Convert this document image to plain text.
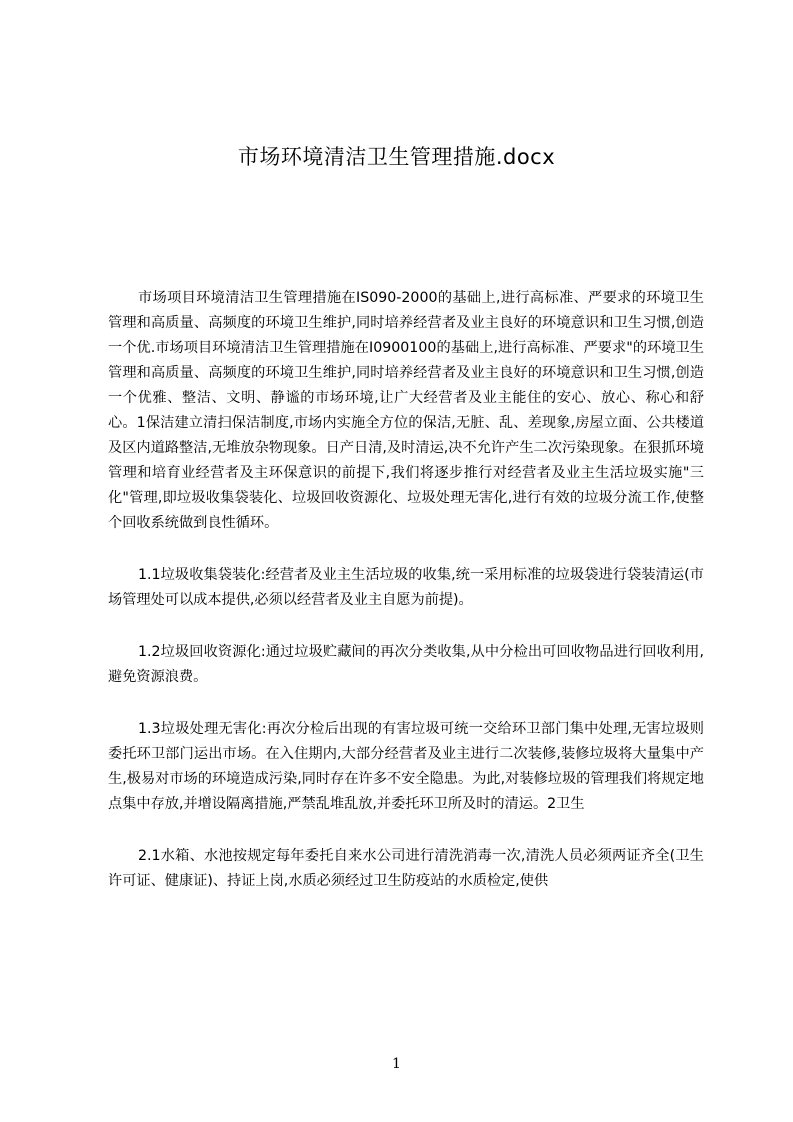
市场环境清洁卫生管理措施.docx

市场项目环境清洁卫生管理措施在IS090-2000的基础上,进行高标准、严要求的环境卫生管理和高质量、高频度的环境卫生维护,同时培养经营者及业主良好的环境意识和卫生习惯,创造一个优.市场项目环境清洁卫生管理措施在I0900100的基础上,进行高标准、严要求"的环境卫生管理和高质量、高频度的环境卫生维护,同时培养经营者及业主良好的环境意识和卫生习惯,创造一个优雅、整洁、文明、静谧的市场环境,让广大经营者及业主能住的安心、放心、称心和舒心。1保洁建立清扫保洁制度,市场内实施全方位的保洁,无脏、乱、差现象,房屋立面、公共楼道及区内道路整洁,无堆放杂物现象。日产日清,及时清运,决不允许产生二次污染现象。在狠抓环境管理和培育业经营者及主环保意识的前提下,我们将逐步推行对经营者及业主生活垃圾实施"三化"管理,即垃圾收集袋装化、垃圾回收资源化、垃圾处理无害化,进行有效的垃圾分流工作,使整个回收系统做到良性循环。

1.1垃圾收集袋装化:经营者及业主生活垃圾的收集,统一采用标准的垃圾袋进行袋装清运(市场管理处可以成本提供,必须以经营者及业主自愿为前提)。

1.2垃圾回收资源化:通过垃圾贮藏间的再次分类收集,从中分检出可回收物品进行回收利用,避免资源浪费。

1.3垃圾处理无害化:再次分检后出现的有害垃圾可统一交给环卫部门集中处理,无害垃圾则委托环卫部门运出市场。在入住期内,大部分经营者及业主进行二次装修,装修垃圾将大量集中产生,极易对市场的环境造成污染,同时存在许多不安全隐患。为此,对装修垃圾的管理我们将规定地点集中存放,并增设隔离措施,严禁乱堆乱放,并委托环卫所及时的清运。2卫生

2.1水箱、水池按规定每年委托自来水公司进行清洗消毒一次,清洗人员必须两证齐全(卫生许可证、健康证)、持证上岗,水质必须经过卫生防疫站的水质检定,使供

1
